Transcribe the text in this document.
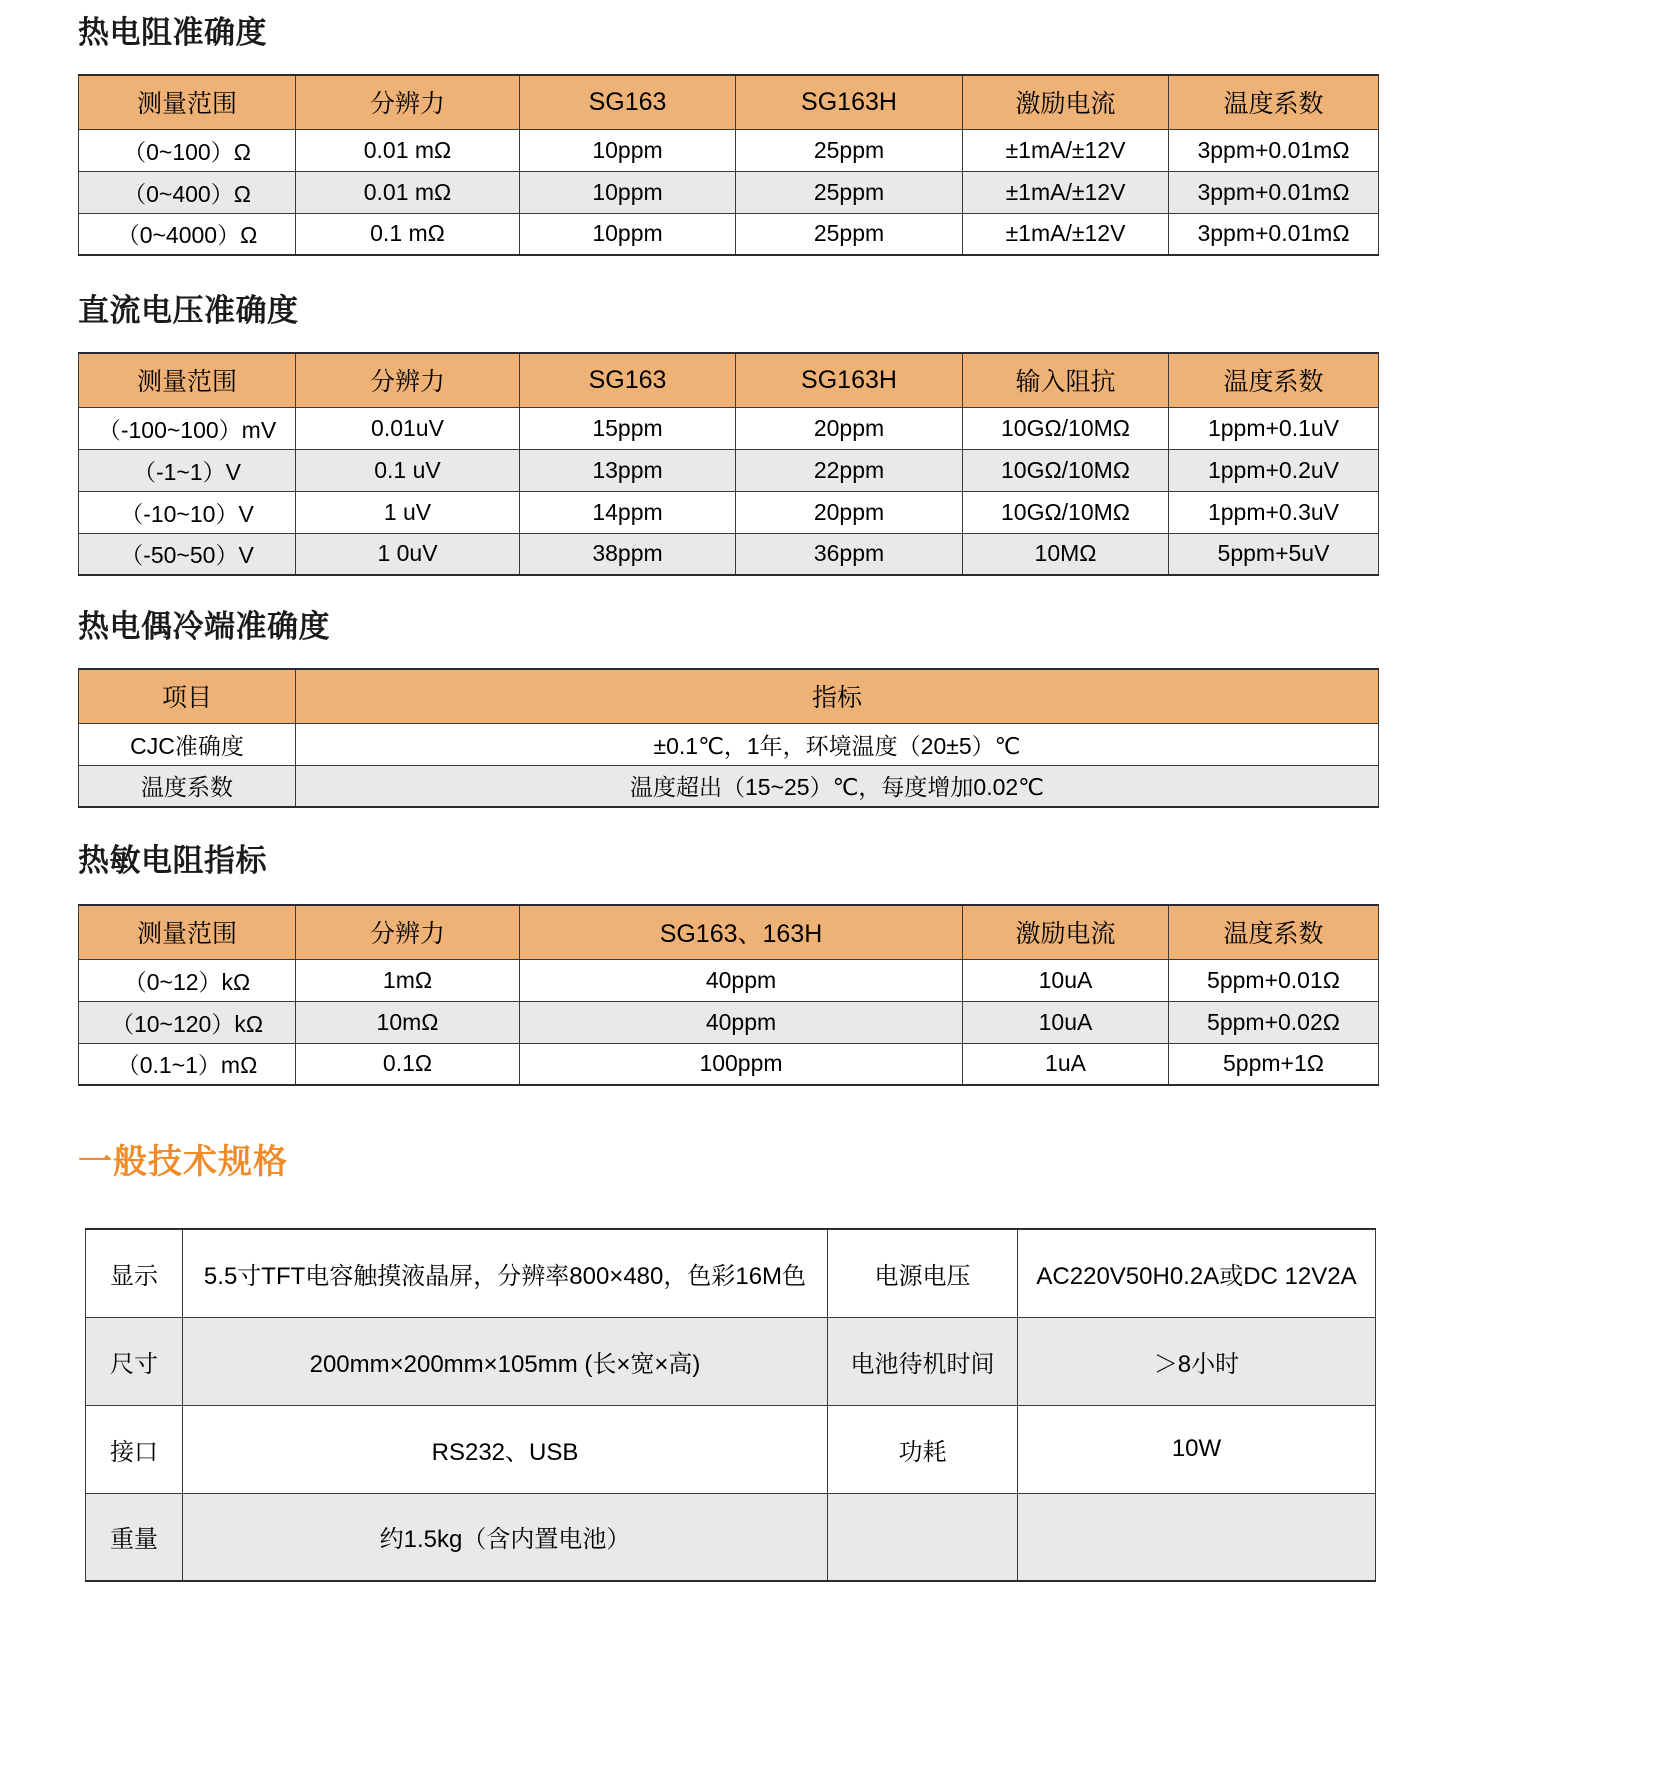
热电阻准确度
测量范围	分辨力	SG163	SG163H	激励电流	温度系数
（0~100）Ω	0.01 mΩ	10ppm	25ppm	±1mA/±12V	3ppm+0.01mΩ
（0~400）Ω	0.01 mΩ	10ppm	25ppm	±1mA/±12V	3ppm+0.01mΩ
（0~4000）Ω	0.1 mΩ	10ppm	25ppm	±1mA/±12V	3ppm+0.01mΩ
直流电压准确度
测量范围	分辨力	SG163	SG163H	输入阻抗	温度系数
（-100~100）mV	0.01uV	15ppm	20ppm	10GΩ/10MΩ	1ppm+0.1uV
（-1~1）V	0.1 uV	13ppm	22ppm	10GΩ/10MΩ	1ppm+0.2uV
（-10~10）V	1 uV	14ppm	20ppm	10GΩ/10MΩ	1ppm+0.3uV
（-50~50）V	1 0uV	38ppm	36ppm	10MΩ	5ppm+5uV
热电偶冷端准确度
项目	指标
CJC准确度	±0.1℃，1年，环境温度（20±5）℃
温度系数	温度超出（15~25）℃，每度增加0.02℃
热敏电阻指标
测量范围	分辨力	SG163、163H	激励电流	温度系数
（0~12）kΩ	1mΩ	40ppm	10uA	5ppm+0.01Ω
（10~120）kΩ	10mΩ	40ppm	10uA	5ppm+0.02Ω
（0.1~1）mΩ	0.1Ω	100ppm	1uA	5ppm+1Ω
一般技术规格
显示	5.5寸TFT电容触摸液晶屏，分辨率800×480，色彩16M色	电源电压	AC220V50H0.2A或DC 12V2A
尺寸	200mm×200mm×105mm (长×宽×高)	电池待机时间	＞8小时
接口	RS232、USB	功耗	10W
重量	约1.5kg（含内置电池）		
